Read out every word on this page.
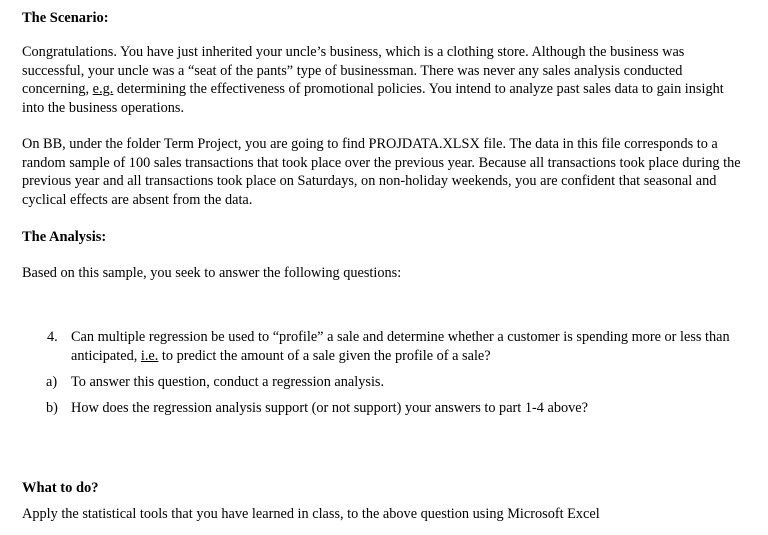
The Scenario:
Congratulations. You have just inherited your uncle’s business, which is a clothing store. Although the business was successful, your uncle was a “seat of the pants” type of businessman. There was never any sales analysis conducted concerning, e.g. determining the effectiveness of promotional policies. You intend to analyze past sales data to gain insight into the business operations.
On BB, under the folder Term Project, you are going to find PROJDATA.XLSX file. The data in this file corresponds to a random sample of 100 sales transactions that took place over the previous year. Because all transactions took place during the previous year and all transactions took place on Saturdays, on non-holiday weekends, you are confident that seasonal and cyclical effects are absent from the data.
The Analysis:
Based on this sample, you seek to answer the following questions:
4. Can multiple regression be used to “profile” a sale and determine whether a customer is spending more or less than anticipated, i.e. to predict the amount of a sale given the profile of a sale?
a) To answer this question, conduct a regression analysis.
b) How does the regression analysis support (or not support) your answers to part 1-4 above?
What to do?
Apply the statistical tools that you have learned in class, to the above question using Microsoft Excel
